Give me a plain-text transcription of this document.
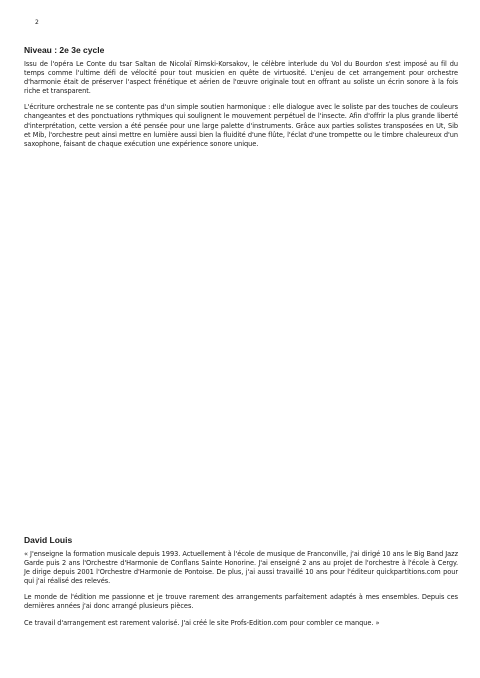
2
Niveau : 2e 3e cycle

Issu de l'opéra Le Conte du tsar Saltan de Nicolaï Rimski-Korsakov, le célèbre interlude du Vol du Bourdon s'est imposé au fil du temps comme l'ultime défi de vélocité pour tout musicien en quête de virtuosité. L'enjeu de cet arrangement pour orchestre d'harmonie était de préserver l'aspect frénétique et aérien de l'œuvre originale tout en offrant au soliste un écrin sonore à la fois riche et transparent.

L'écriture orchestrale ne se contente pas d'un simple soutien harmonique : elle dialogue avec le soliste par des touches de couleurs changeantes et des ponctuations rythmiques qui soulignent le mouvement perpétuel de l'insecte. Afin d'offrir la plus grande liberté d'interprétation, cette version a été pensée pour une large palette d'instruments. Grâce aux parties solistes transposées en Ut, Sib et Mib, l'orchestre peut ainsi mettre en lumière aussi bien la fluidité d'une flûte, l'éclat d'une trompette ou le timbre chaleureux d'un saxophone, faisant de chaque exécution une expérience sonore unique.

David Louis

« J'enseigne la formation musicale depuis 1993. Actuellement à l'école de musique de Franconville, j'ai dirigé 10 ans le Big Band Jazz Garde puis 2 ans l'Orchestre d'Harmonie de Conflans Sainte Honorine. J'ai enseigné 2 ans au projet de l'orchestre à l'école à Cergy. Je dirige depuis 2001 l'Orchestre d'Harmonie de Pontoise. De plus, j'ai aussi travaillé 10 ans pour l'éditeur quickpartitions.com pour qui j'ai réalisé des relevés.

Le monde de l'édition me passionne et je trouve rarement des arrangements parfaitement adaptés à mes ensembles. Depuis ces dernières années j'ai donc arrangé plusieurs pièces.

Ce travail d'arrangement est rarement valorisé. J'ai créé le site Profs-Edition.com pour combler ce manque. »
